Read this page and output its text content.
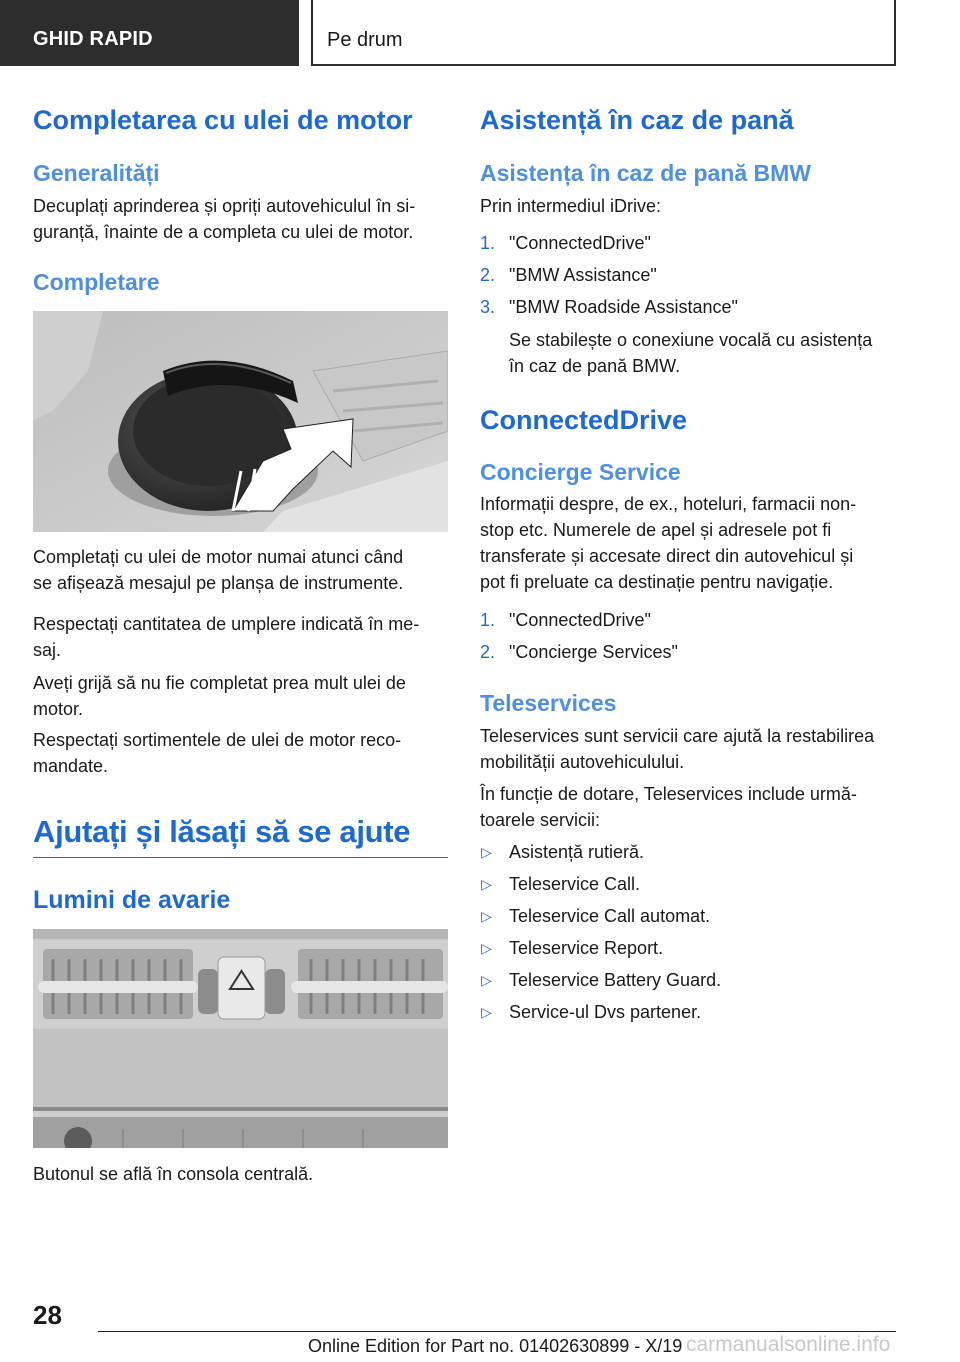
GHID RAPID	Pe drum
Completarea cu ulei de motor
Generalități

Decuplați aprinderea și opriți autovehiculul în si-
guranță, înainte de a completa cu ulei de motor.

Completare

Completați cu ulei de motor numai atunci când
se afișează mesajul pe planșa de instrumente.

Respectați cantitatea de umplere indicată în me-
saj.

Aveți grijă să nu fie completat prea mult ulei de
motor.

Respectați sortimentele de ulei de motor reco-
mandate.

Ajutați și lăsați să se ajute
Lumini de avarie

Butonul se află în consola centrală.

Asistență în caz de pană
Asistența în caz de pană BMW

Prin intermediul iDrive:

1. "ConnectedDrive"
2. "BMW Assistance"
3. "BMW Roadside Assistance"

Se stabilește o conexiune vocală cu asistența
în caz de pană BMW.

ConnectedDrive
Concierge Service

Informații despre, de ex., hoteluri, farmacii non-
stop etc. Numerele de apel și adresele pot fi
transferate și accesate direct din autovehicul și
pot fi preluate ca destinație pentru navigație.

1. "ConnectedDrive"
2. "Concierge Services"
Teleservices

Teleservices sunt servicii care ajută la restabilirea
mobilității autovehiculului.

În funcție de dotare, Teleservices include urmă-
toarele servicii:

▷ Asistență rutieră.
▷ Teleservice Call.
▷ Teleservice Call automat.
▷ Teleservice Report.
▷ Teleservice Battery Guard.
▷ Service-ul Dvs partener.
28
Online Edition for Part no. 01402630899 - X/19 carmanualsonline.info
